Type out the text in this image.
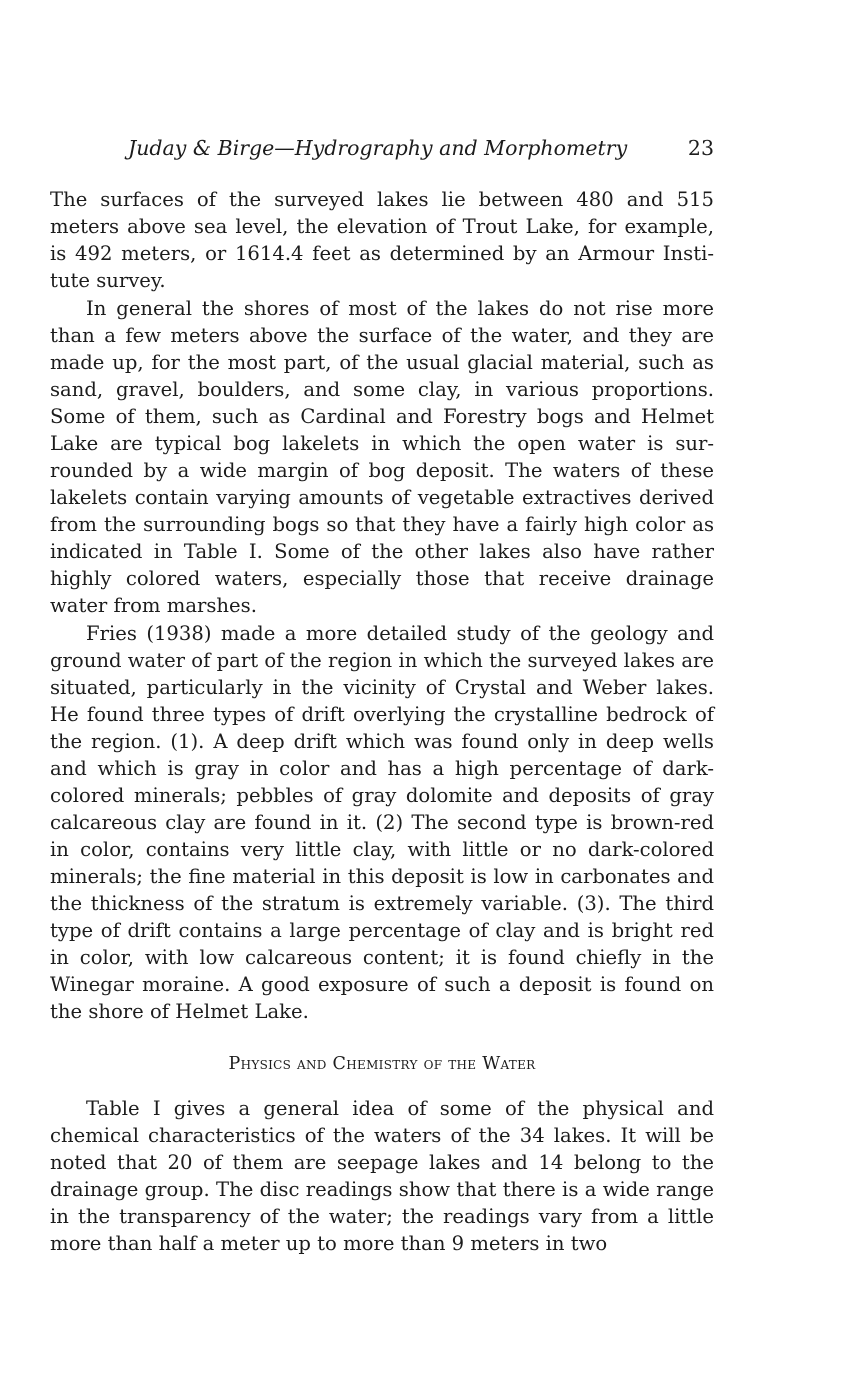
Juday & Birge—Hydrography and Morphometry	23

The surfaces of the surveyed lakes lie between 480 and 515 meters above sea level, the elevation of Trout Lake, for example, is 492 meters, or 1614.4 feet as determined by an Armour Institute survey.

In general the shores of most of the lakes do not rise more than a few meters above the surface of the water, and they are made up, for the most part, of the usual glacial material, such as sand, gravel, boulders, and some clay, in various proportions. Some of them, such as Cardinal and Forestry bogs and Helmet Lake are typical bog lakelets in which the open water is surrounded by a wide margin of bog deposit. The waters of these lakelets contain varying amounts of vegetable extractives derived from the surrounding bogs so that they have a fairly high color as indicated in Table I. Some of the other lakes also have rather highly colored waters, especially those that receive drainage water from marshes.

Fries (1938) made a more detailed study of the geology and ground water of part of the region in which the surveyed lakes are situated, particularly in the vicinity of Crystal and Weber lakes. He found three types of drift overlying the crystalline bedrock of the region. (1). A deep drift which was found only in deep wells and which is gray in color and has a high percentage of dark-colored minerals; pebbles of gray dolomite and deposits of gray calcareous clay are found in it. (2) The second type is brown-red in color, contains very little clay, with little or no dark-colored minerals; the fine material in this deposit is low in carbonates and the thickness of the stratum is extremely variable. (3). The third type of drift contains a large percentage of clay and is bright red in color, with low calcareous content; it is found chiefly in the Winegar moraine. A good exposure of such a deposit is found on the shore of Helmet Lake.

Physics and Chemistry of the Water

Table I gives a general idea of some of the physical and chemical characteristics of the waters of the 34 lakes. It will be noted that 20 of them are seepage lakes and 14 belong to the drainage group. The disc readings show that there is a wide range in the transparency of the water; the readings vary from a little more than half a meter up to more than 9 meters in two
